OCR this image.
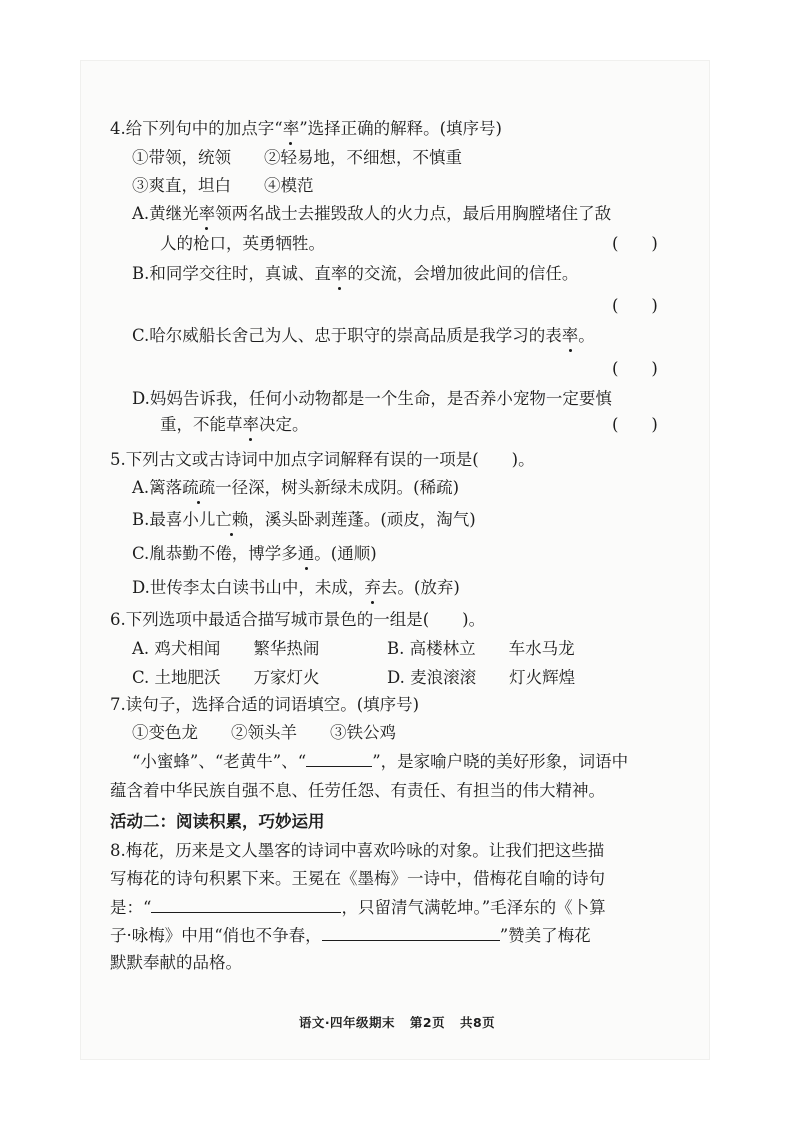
4.给下列句中的加点字“率”选择正确的解释。(填序号)
①带领，统领　　②轻易地，不细想，不慎重
③爽直，坦白　　④模范
A.黄继光率领两名战士去摧毁敌人的火力点，最后用胸膛堵住了敌
人的枪口，英勇牺牲。	(　　)
B.和同学交往时，真诚、直率的交流，会增加彼此间的信任。
(　　)
C.哈尔威船长舍己为人、忠于职守的崇高品质是我学习的表率。
(　　)
D.妈妈告诉我，任何小动物都是一个生命，是否养小宠物一定要慎
重，不能草率决定。	(　　)
5.下列古文或古诗词中加点字词解释有误的一项是(　　)。
A.篱落疏疏一径深，树头新绿未成阴。(稀疏)
B.最喜小儿亡赖，溪头卧剥莲蓬。(顽皮，淘气)
C.胤恭勤不倦，博学多通。(通顺)
D.世传李太白读书山中，未成，弃去。(放弃)
6.下列选项中最适合描写城市景色的一组是(　　)。
A. 鸡犬相闻　　繁华热闹	B. 高楼林立　　车水马龙
C. 土地肥沃　　万家灯火	D. 麦浪滚滚　　灯火辉煌
7.读句子，选择合适的词语填空。(填序号)
①变色龙　　②领头羊　　③铁公鸡
“小蜜蜂”、“老黄牛”、“	”，是家喻户晓的美好形象，词语中
蕴含着中华民族自强不息、任劳任怨、有责任、有担当的伟大精神。
活动二：阅读积累，巧妙运用
8.梅花，历来是文人墨客的诗词中喜欢吟咏的对象。让我们把这些描
写梅花的诗句积累下来。王冕在《墨梅》一诗中，借梅花自喻的诗句
是：“	，只留清气满乾坤。”毛泽东的《卜算
子·咏梅》中用“俏也不争春，	”赞美了梅花
默默奉献的品格。
语文·四年级期末 第2页 共8页
